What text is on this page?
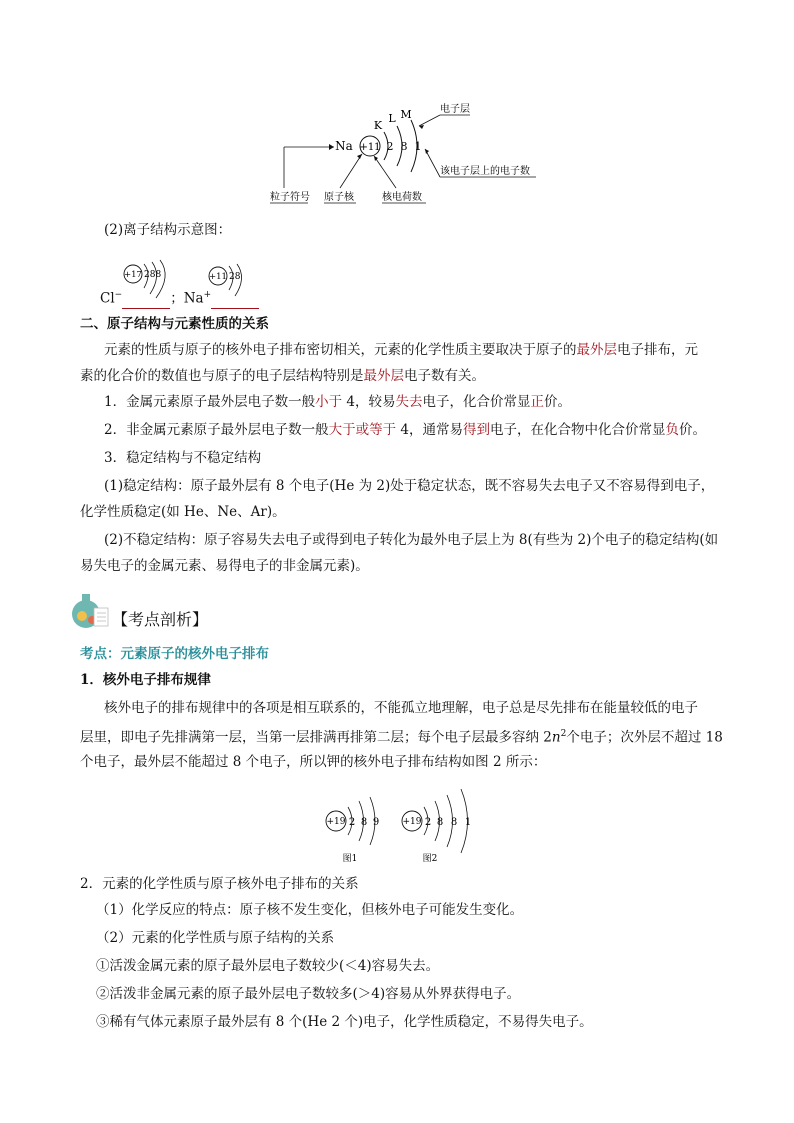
+11
Na
K
L M
2 8 1
电子层
该电子层上的电子数
粒子符号 原子核	核电荷数
(2)离子结构示意图：
+17 288	+11 28
Cl−	；Na+
二、原子结构与元素性质的关系
元素的性质与原子的核外电子排布密切相关，元素的化学性质主要取决于原子的最外层电子排布，元
素的化合价的数值也与原子的电子层结构特别是最外层电子数有关。
1．金属元素原子最外层电子数一般小于 4，较易失去电子，化合价常显正价。
2．非金属元素原子最外层电子数一般大于或等于 4，通常易得到电子，在化合物中化合价常显负价。
3．稳定结构与不稳定结构
(1)稳定结构：原子最外层有 8 个电子(He 为 2)处于稳定状态，既不容易失去电子又不容易得到电子，
化学性质稳定(如 He、Ne、Ar)。
(2)不稳定结构：原子容易失去电子或得到电子转化为最外电子层上为 8(有些为 2)个电子的稳定结构(如
易失电子的金属元素、易得电子的非金属元素)。
【考点剖析】
考点：元素原子的核外电子排布
1．核外电子排布规律
核外电子的排布规律中的各项是相互联系的，不能孤立地理解，电子总是尽先排布在能量较低的电子
层里，即电子先排满第一层，当第一层排满再排第二层；每个电子层最多容纳 $2n^2$个电子；次外层不超过 18
个电子，最外层不能超过 8 个电子，所以钾的核外电子排布结构如图 2 所示：
+19 2 8 9
图1
+19 2 8 8 1
图2
2．元素的化学性质与原子核外电子排布的关系
（1）化学反应的特点：原子核不发生变化，但核外电子可能发生变化。
（2）元素的化学性质与原子结构的关系
①活泼金属元素的原子最外层电子数较少(＜4)容易失去。
②活泼非金属元素的原子最外层电子数较多(＞4)容易从外界获得电子。
③稀有气体元素原子最外层有 8 个(He 2 个)电子，化学性质稳定，不易得失电子。
